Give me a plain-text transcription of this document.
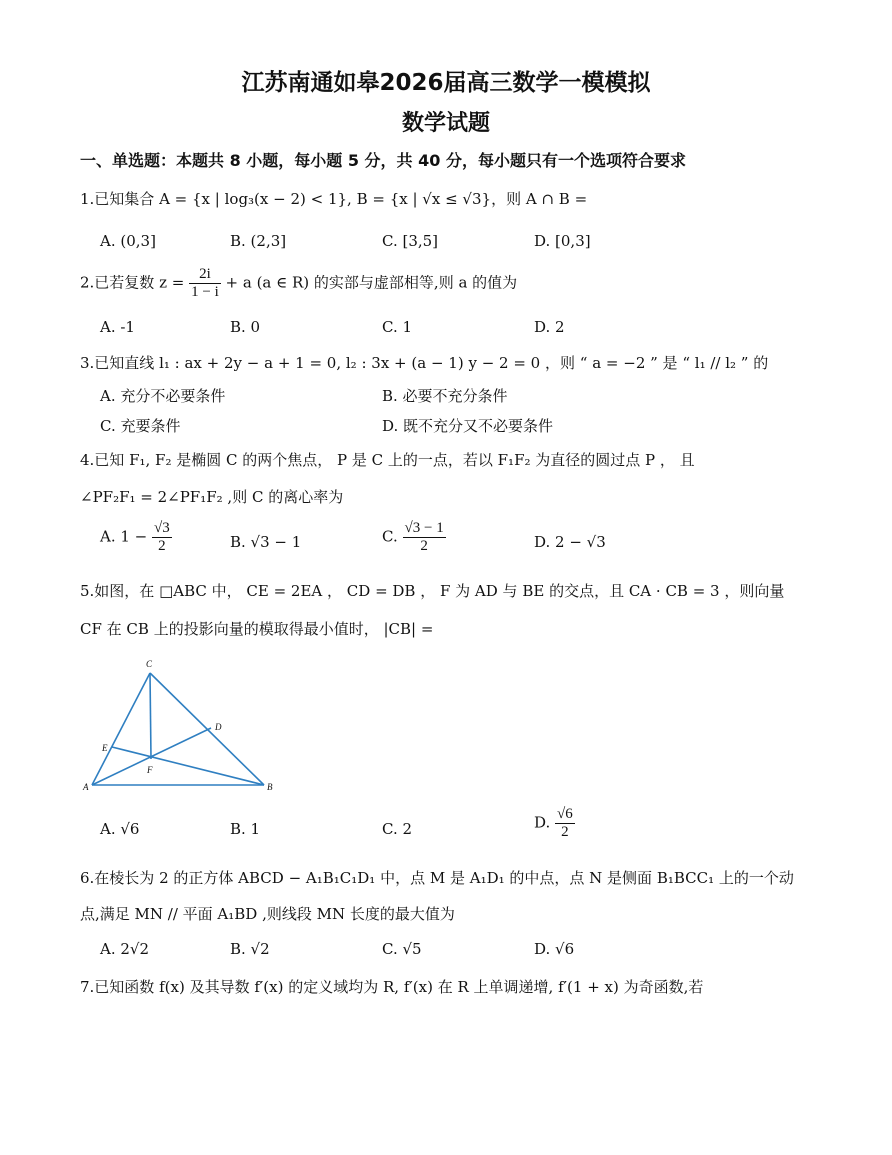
江苏南通如皋2026届高三数学一模模拟
数学试题
一、单选题：本题共 8 小题，每小题 5 分，共 40 分，每小题只有一个选项符合要求
1.已知集合 A = {x | log₃(x − 2) < 1}, B = {x | √x ≤ √3}，则 A ∩ B =
A. (0,3]	B. (2,3]	C. [3,5]	D. [0,3]
2.已若复数 $z = \frac{2i}{1 - i} + a$ (a ∈ R) 的实部与虚部相等,则 a 的值为
A. -1	B. 0	C. 1	D. 2
3.已知直线 l₁ : ax + 2y − a + 1 = 0, l₂ : 3x + (a − 1) y − 2 = 0 ，则 “ a = −2 ” 是 “ l₁ // l₂ ” 的
A. 充分不必要条件	B. 必要不充分条件
C. 充要条件	D. 既不充分又不必要条件
4.已知 F₁, F₂ 是椭圆 C 的两个焦点， P 是 C 上的一点，若以 F₁F₂ 为直径的圆过点 P ， 且
∠PF₂F₁ = 2∠PF₁F₂ ,则 C 的离心率为
A. $1 - \frac{√3}{2}$	B. √3 − 1	C. $\frac{√3 - 1}{2}$	D. 2 − √3
5.如图，在 □ABC 中， CE = 2EA ， CD = DB ， F 为 AD 与 BE 的交点，且 CA · CB = 3 ，则向量
CF 在 CB 上的投影向量的模取得最小值时， |CB| =
C
D
E
F
A	B
A. √6	B. 1	C. 2	D. $\frac{√6}{2}$
6.在棱长为 2 的正方体 ABCD − A₁B₁C₁D₁ 中，点 M 是 A₁D₁ 的中点，点 N 是侧面 B₁BCC₁ 上的一个动
点,满足 MN // 平面 A₁BD ,则线段 MN 长度的最大值为
A. 2√2	B. √2	C. √5	D. √6
7.已知函数 f(x) 及其导数 f′(x) 的定义域均为 R, f′(x) 在 R 上单调递增, f′(1 + x) 为奇函数,若
